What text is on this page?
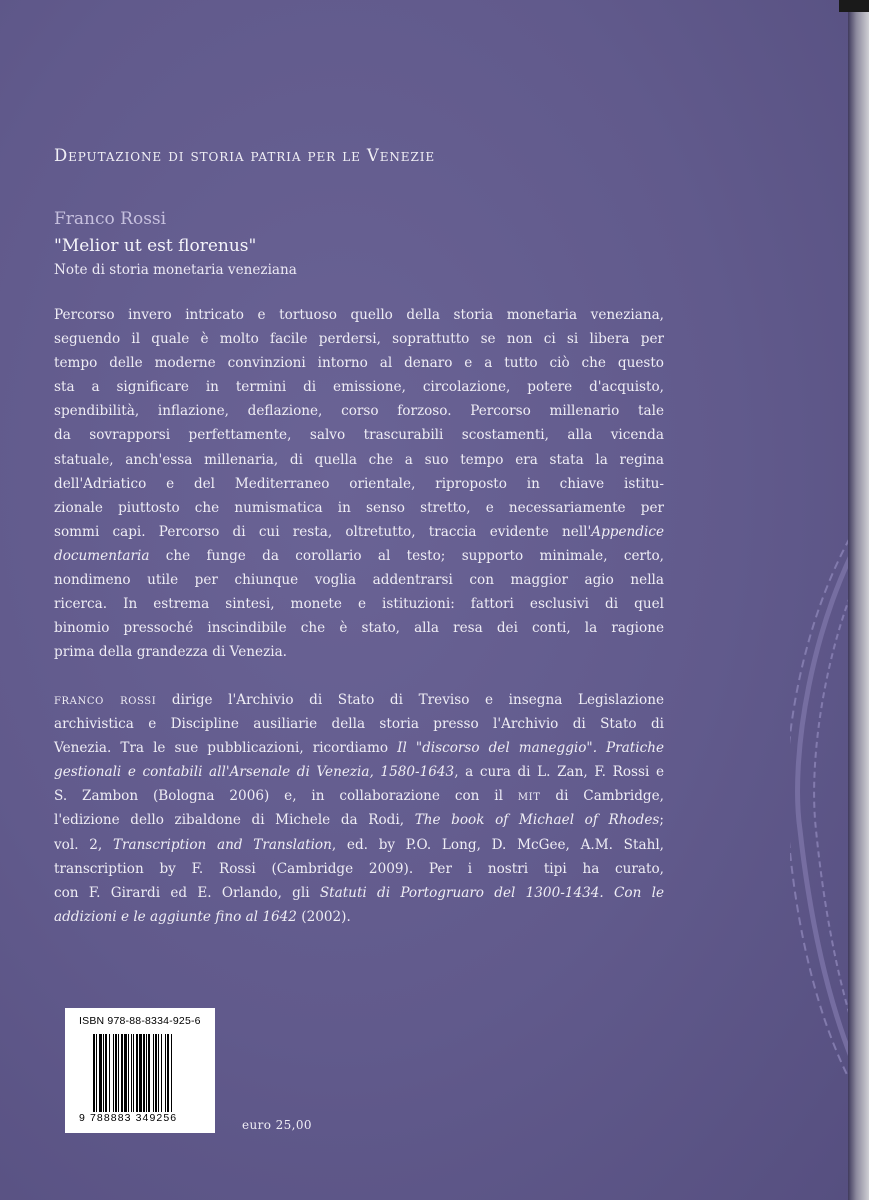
Deputazione di storia patria per le Venezie
Franco Rossi
"Melior ut est florenus"
Note di storia monetaria veneziana
Percorso invero intricato e tortuoso quello della storia monetaria veneziana,
seguendo il quale è molto facile perdersi, soprattutto se non ci si libera per
tempo delle moderne convinzioni intorno al denaro e a tutto ciò che questo
sta a significare in termini di emissione, circolazione, potere d'acquisto,
spendibilità, inflazione, deflazione, corso forzoso. Percorso millenario tale
da sovrapporsi perfettamente, salvo trascurabili scostamenti, alla vicenda
statuale, anch'essa millenaria, di quella che a suo tempo era stata la regina
dell'Adriatico e del Mediterraneo orientale, riproposto in chiave istitu-
zionale piuttosto che numismatica in senso stretto, e necessariamente per
sommi capi. Percorso di cui resta, oltretutto, traccia evidente nell'Appendice
documentaria che funge da corollario al testo; supporto minimale, certo,
nondimeno utile per chiunque voglia addentrarsi con maggior agio nella
ricerca. In estrema sintesi, monete e istituzioni: fattori esclusivi di quel
binomio pressoché inscindibile che è stato, alla resa dei conti, la ragione
prima della grandezza di Venezia.
franco rossi dirige l'Archivio di Stato di Treviso e insegna Legislazione
archivistica e Discipline ausiliarie della storia presso l'Archivio di Stato di
Venezia. Tra le sue pubblicazioni, ricordiamo Il "discorso del maneggio". Pratiche
gestionali e contabili all'Arsenale di Venezia, 1580-1643, a cura di L. Zan, F. Rossi e
S. Zambon (Bologna 2006) e, in collaborazione con il mit di Cambridge,
l'edizione dello zibaldone di Michele da Rodi, The book of Michael of Rhodes;
vol. 2, Transcription and Translation, ed. by P.O. Long, D. McGee, A.M. Stahl,
transcription by F. Rossi (Cambridge 2009). Per i nostri tipi ha curato,
con F. Girardi ed E. Orlando, gli Statuti di Portogruaro del 1300-1434. Con le
addizioni e le aggiunte fino al 1642 (2002).
ISBN 978-88-8334-925-6
9 788883 349256	euro 25,00
